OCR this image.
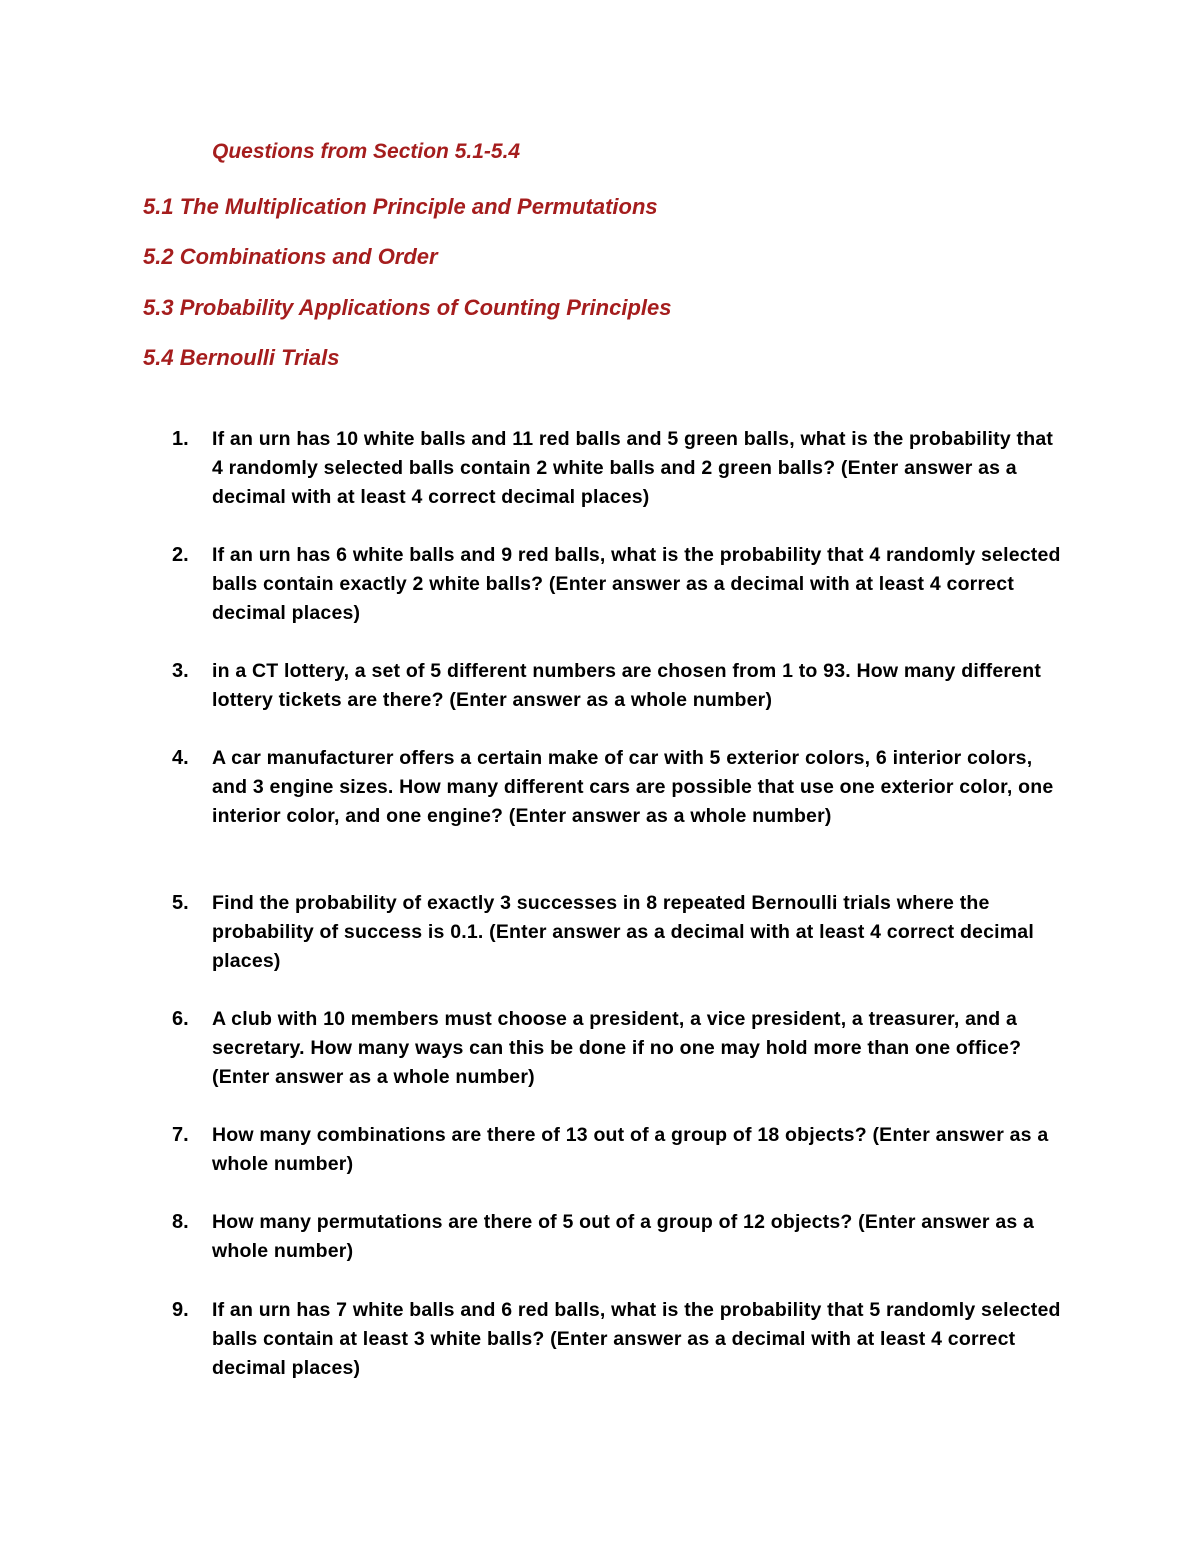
Questions from Section 5.1-5.4
5.1 The Multiplication Principle and Permutations
5.2 Combinations and Order
5.3 Probability Applications of Counting Principles
5.4 Bernoulli Trials
1.	If an urn has 10 white balls and 11 red balls and 5 green balls, what is the probability that 4 randomly selected balls contain 2 white balls and 2 green balls? (Enter answer as a decimal with at least 4 correct decimal places)
2.	If an urn has 6 white balls and 9 red balls, what is the probability that 4 randomly selected balls contain exactly 2 white balls? (Enter answer as a decimal with at least 4 correct decimal places)
3.	in a CT lottery, a set of 5 different numbers are chosen from 1 to 93. How many different lottery tickets are there? (Enter answer as a whole number)
4.	A car manufacturer offers a certain make of car with 5 exterior colors, 6 interior colors, and 3 engine sizes. How many different cars are possible that use one exterior color, one interior color, and one engine? (Enter answer as a whole number)
5.	Find the probability of exactly 3 successes in 8 repeated Bernoulli trials where the probability of success is 0.1. (Enter answer as a decimal with at least 4 correct decimal places)
6.	A club with 10 members must choose a president, a vice president, a treasurer, and a secretary. How many ways can this be done if no one may hold more than one office? (Enter answer as a whole number)
7.	How many combinations are there of 13 out of a group of 18 objects? (Enter answer as a whole number)
8.	How many permutations are there of 5 out of a group of 12 objects? (Enter answer as a whole number)
9.	If an urn has 7 white balls and 6 red balls, what is the probability that 5 randomly selected balls contain at least 3 white balls? (Enter answer as a decimal with at least 4 correct decimal places)
